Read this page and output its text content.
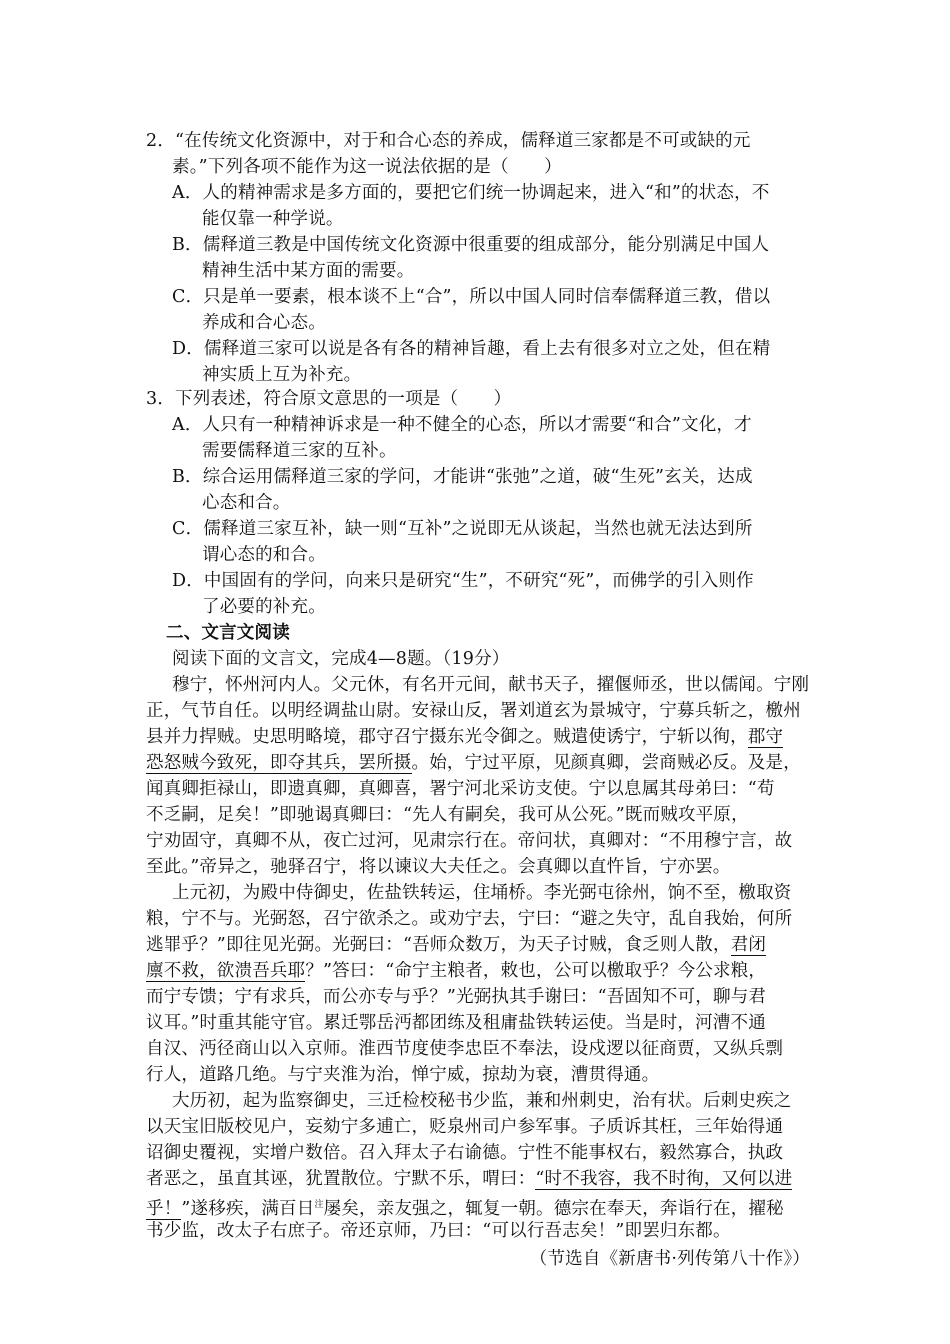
2．“在传统文化资源中，对于和合心态的养成，儒释道三家都是不可或缺的元
素。”下列各项不能作为这一说法依据的是（　　）
A．人的精神需求是多方面的，要把它们统一协调起来，进入“和”的状态，不
能仅靠一种学说。
B．儒释道三教是中国传统文化资源中很重要的组成部分，能分别满足中国人
精神生活中某方面的需要。
C．只是单一要素，根本谈不上“合”，所以中国人同时信奉儒释道三教，借以
养成和合心态。
D．儒释道三家可以说是各有各的精神旨趣，看上去有很多对立之处，但在精
神实质上互为补充。
3．下列表述，符合原文意思的一项是（　　）
A．人只有一种精神诉求是一种不健全的心态，所以才需要“和合”文化，才
需要儒释道三家的互补。
B．综合运用儒释道三家的学问，才能讲“张弛”之道，破“生死”玄关，达成
心态和合。
C．儒释道三家互补，缺一则“互补”之说即无从谈起，当然也就无法达到所
谓心态的和合。
D．中国固有的学问，向来只是研究“生”，不研究“死”，而佛学的引入则作
了必要的补充。
二、文言文阅读
阅读下面的文言文，完成4—8题。（19分）
穆宁，怀州河内人。父元休，有名开元间，献书天子，擢偃师丞，世以儒闻。宁刚
正，气节自任。以明经调盐山尉。安禄山反，署刘道玄为景城守，宁募兵斩之，檄州
县并力捍贼。史思明略境，郡守召宁摄东光令御之。贼遣使诱宁，宁斩以徇，郡守
恐怒贼今致死，即夺其兵，罢所摄。始，宁过平原，见颜真卿，尝商贼必反。及是，
闻真卿拒禄山，即遗真卿，真卿喜，署宁河北采访支使。宁以息属其母弟曰：“苟
不乏嗣，足矣！”即驰谒真卿曰：“先人有嗣矣，我可从公死。”既而贼攻平原，
宁劝固守，真卿不从，夜亡过河，见肃宗行在。帝问状，真卿对：“不用穆宁言，故
至此。”帝异之，驰驿召宁，将以谏议大夫任之。会真卿以直忤旨，宁亦罢。
上元初，为殿中侍御史，佐盐铁转运，住埇桥。李光弼屯徐州，饷不至，檄取资
粮，宁不与。光弼怒，召宁欲杀之。或劝宁去，宁曰：“避之失守，乱自我始，何所
逃罪乎？”即往见光弼。光弼曰：“吾师众数万，为天子讨贼，食乏则人散，君闭
廪不救，欲溃吾兵耶？”答曰：“命宁主粮者，敕也，公可以檄取乎？今公求粮，
而宁专馈；宁有求兵，而公亦专与乎？”光弼执其手谢曰：“吾固知不可，聊与君
议耳。”时重其能守官。累迁鄂岳沔都团练及租庸盐铁转运使。当是时，河漕不通
自汉、沔径商山以入京师。淮西节度使李忠臣不奉法，设戍逻以征商贾，又纵兵剽
行人，道路几绝。与宁夹淮为治，惮宁威，掠劫为衰，漕贯得通。
大历初，起为监察御史，三迁检校秘书少监，兼和州刺史，治有状。后刺史疾之
以天宝旧版校见户，妄劾宁多逋亡，贬泉州司户参军事。子质诉其枉，三年始得通
诏御史覆视，实增户数倍。召入拜太子右谕德。宁性不能事权右，毅然寡合，执政
者恶之，虽直其诬，犹置散位。宁默不乐，喟曰：“时不我容，我不时徇，又何以进
乎！”遂移疾，满百日$^注$屡矣，亲友强之，辄复一朝。德宗在奉天，奔诣行在，擢秘
书少监，改太子右庶子。帝还京师，乃曰：“可以行吾志矣！”即罢归东都。
（节选自《新唐书·列传第八十作》）
